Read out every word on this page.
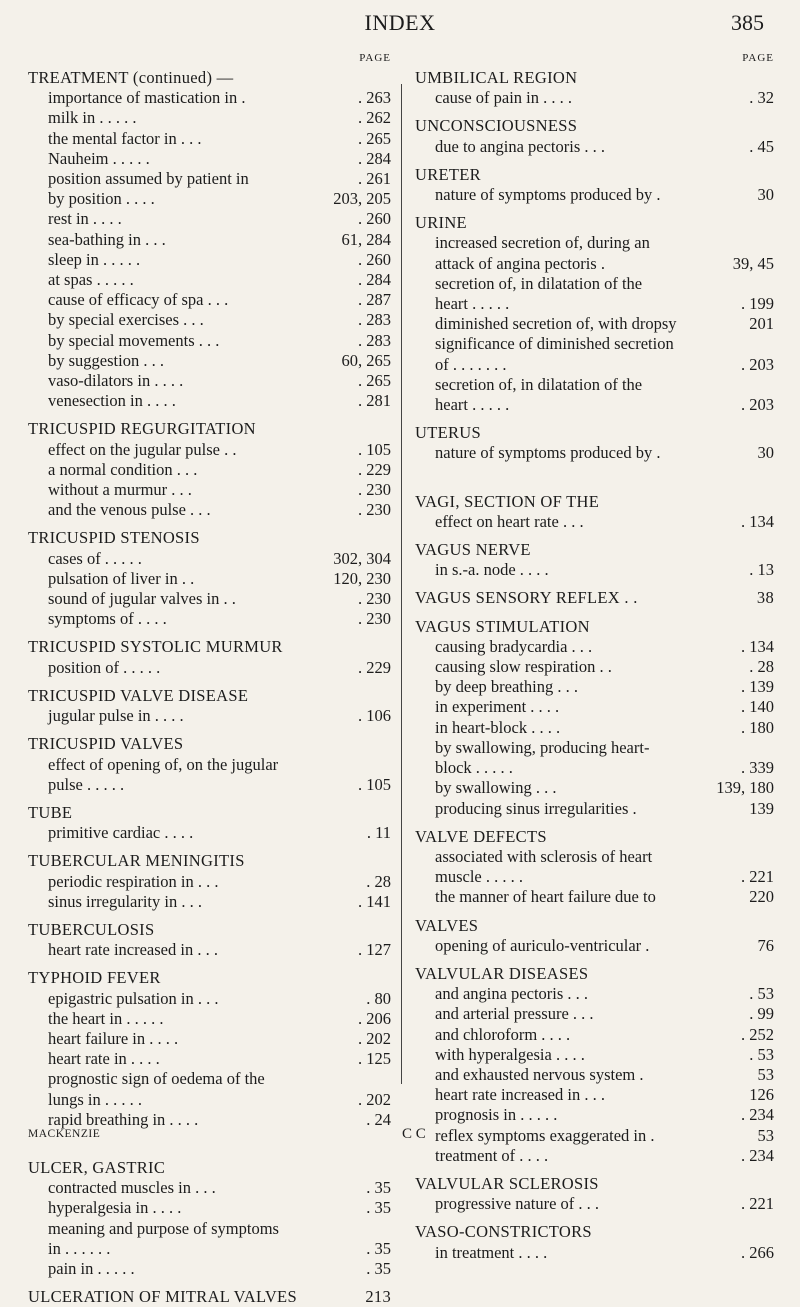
INDEX	385
PAGE
TREATMENT (continued) —
importance of mastication in .	. 263
milk in . . . . .	. 262
the mental factor in . . .	. 265
Nauheim . . . . .	. 284
position assumed by patient in	. 261
by position . . . .	203, 205
rest in . . . .	. 260
sea-bathing in . . .	61, 284
sleep in . . . . .	. 260
at spas . . . . .	. 284
cause of efficacy of spa . . .	. 287
by special exercises . . .	. 283
by special movements . . .	. 283
by suggestion . . .	60, 265
vaso-dilators in . . . .	. 265
venesection in . . . .	. 281
TRICUSPID REGURGITATION
effect on the jugular pulse . .	. 105
a normal condition . . .	. 229
without a murmur . . .	. 230
and the venous pulse . . .	. 230
TRICUSPID STENOSIS
cases of . . . . .	302, 304
pulsation of liver in . .	120, 230
sound of jugular valves in . .	. 230
symptoms of . . . .	. 230
TRICUSPID SYSTOLIC MURMUR
position of . . . . .	. 229
TRICUSPID VALVE DISEASE
jugular pulse in . . . .	. 106
TRICUSPID VALVES
effect of opening of, on the jugular
pulse . . . . .	. 105
TUBE
primitive cardiac . . . .	. 11
TUBERCULAR MENINGITIS
periodic respiration in . . .	. 28
sinus irregularity in . . .	. 141
TUBERCULOSIS
heart rate increased in . . .	. 127
TYPHOID FEVER
epigastric pulsation in . . .	. 80
the heart in . . . . .	. 206
heart failure in . . . .	. 202
heart rate in . . . .	. 125
prognostic sign of oedema of the
lungs in . . . . .	. 202
rapid breathing in . . . .	. 24
ULCER, GASTRIC
contracted muscles in . . .	. 35
hyperalgesia in . . . .	. 35
meaning and purpose of symptoms
in . . . . . .	. 35
pain in . . . . .	. 35
ULCERATION OF MITRAL VALVES	213
PAGE
UMBILICAL REGION
cause of pain in . . . .	. 32
UNCONSCIOUSNESS
due to angina pectoris . . .	. 45
URETER
nature of symptoms produced by .	30
URINE
increased secretion of, during an
attack of angina pectoris .	39, 45
secretion of, in dilatation of the
heart . . . . .	. 199
diminished secretion of, with dropsy	201
significance of diminished secretion
of . . . . . . .	. 203
secretion of, in dilatation of the
heart . . . . .	. 203
UTERUS
nature of symptoms produced by .	30
VAGI, SECTION OF THE
effect on heart rate . . .	. 134
VAGUS NERVE
in s.-a. node . . . .	. 13
VAGUS SENSORY REFLEX . .	38
VAGUS STIMULATION
causing bradycardia . . .	. 134
causing slow respiration . .	. 28
by deep breathing . . .	. 139
in experiment . . . .	. 140
in heart-block . . . .	. 180
by swallowing, producing heart-
block . . . . .	. 339
by swallowing . . .	139, 180
producing sinus irregularities .	139
VALVE DEFECTS
associated with sclerosis of heart
muscle . . . . .	. 221
the manner of heart failure due to	220
VALVES
opening of auriculo-ventricular .	76
VALVULAR DISEASES
and angina pectoris . . .	. 53
and arterial pressure . . .	. 99
and chloroform . . . .	. 252
with hyperalgesia . . . .	. 53
and exhausted nervous system .	53
heart rate increased in . . .	126
prognosis in . . . . .	. 234
reflex symptoms exaggerated in .	53
treatment of . . . .	. 234
VALVULAR SCLEROSIS
progressive nature of . . .	. 221
VASO-CONSTRICTORS
in treatment . . . .	. 266
MACKENZIE	C C
